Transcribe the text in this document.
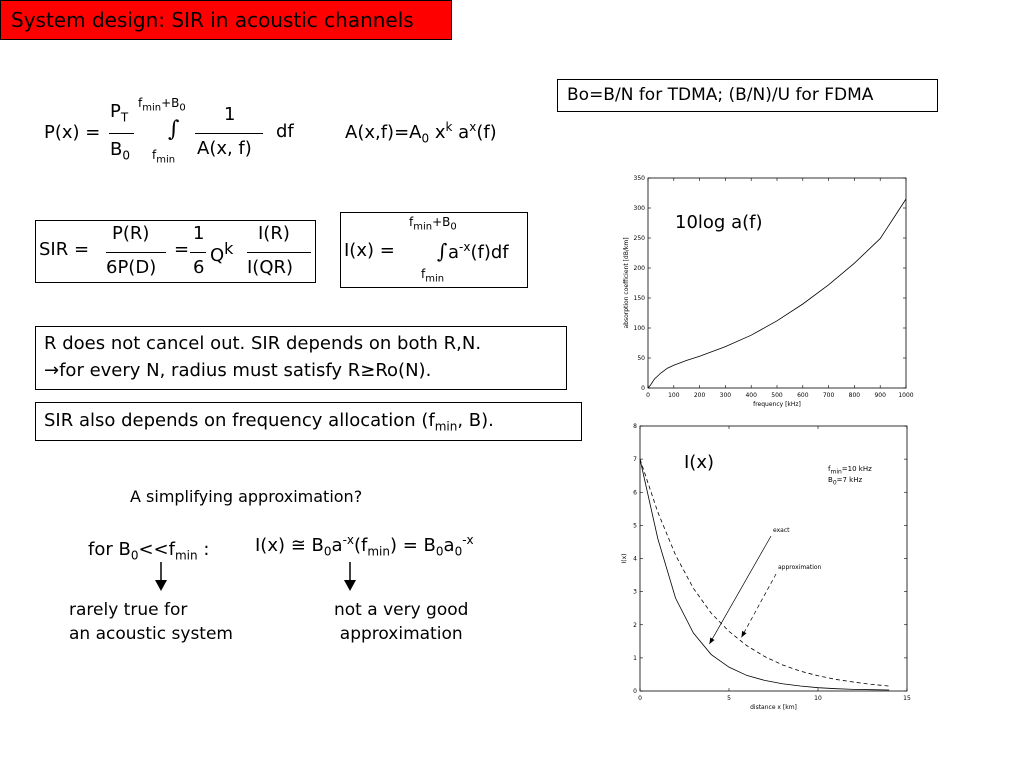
System design: SIR in acoustic channels
Bo=B/N for TDMA; (B/N)/U for FDMA
P(x) =
$P_T$
$B_0$
$f_{min}+B_0$
∫
$f_{min}$
1
A(x, f)
df	$A(x,f)=A_0$ $x^k$ $a^x(f)$
SIR =
P(R)
6P(D)
=
1
6
$Q^k$
I(R)
I(QR)
$f_{min}+B_0$
I(x) = ∫ $a^{-x}(f)df$
$f_{min}$
R does not cancel out. SIR depends on both R,N.
→for every N, radius must satisfy R≥Ro(N).
SIR also depends on frequency allocation ($f_{min}$, B).
A simplifying approximation?
for $B_0<<f_{min}$ :	I(x) ≅ $B_0a^{-x}(f_{min}) = B_0a_0^{-x}$
rarely true for
an acoustic system
not a very good
approximation
0	100 200 300 400 500 600 700 800 900 1000
0
50
100
150
200
250
300
350
frequency [kHz]
absorption coefficient [dB/km]
10log a(f)
0	5	10	15
0
1
2
3
4
5
6
7
8
distance x [km]
I(x)
exact
approximation
I(x)	$f_{min}=10$ kHz
$B_0=7$ kHz
